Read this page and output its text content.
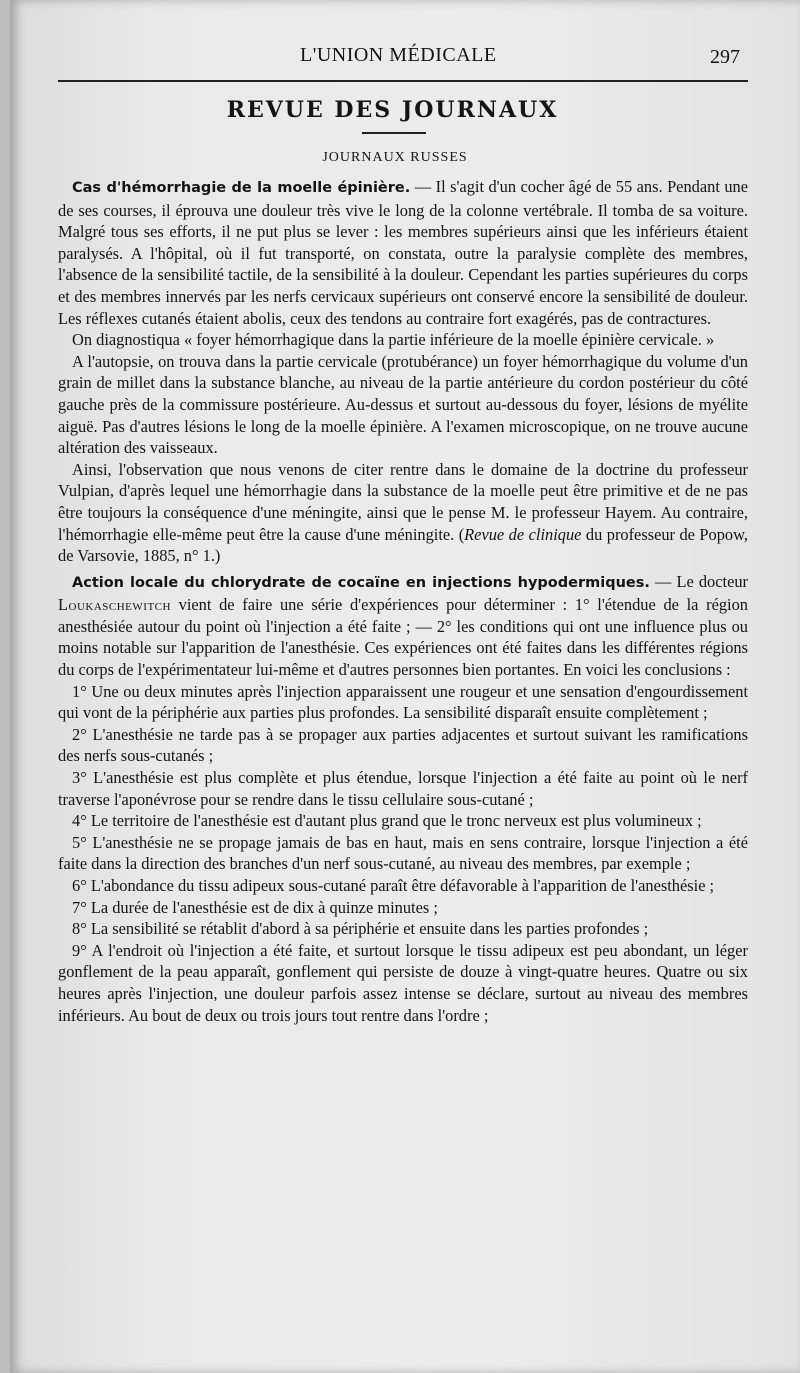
L'UNION MÉDICALE	297
REVUE DES JOURNAUX
JOURNAUX RUSSES

Cas d'hémorrhagie de la moelle épinière. — Il s'agit d'un cocher âgé de 55 ans. Pendant une de ses courses, il éprouva une douleur très vive le long de la colonne vertébrale. Il tomba de sa voiture. Malgré tous ses efforts, il ne put plus se lever : les membres supérieurs ainsi que les inférieurs étaient paralysés. A l'hôpital, où il fut transporté, on constata, outre la paralysie complète des membres, l'absence de la sensibilité tactile, de la sensibilité à la douleur. Cependant les parties supérieures du corps et des membres innervés par les nerfs cervicaux supérieurs ont conservé encore la sensibilité de douleur. Les réflexes cutanés étaient abolis, ceux des tendons au contraire fort exagérés, pas de contractures.

On diagnostiqua « foyer hémorrhagique dans la partie inférieure de la moelle épinière cervicale. »

A l'autopsie, on trouva dans la partie cervicale (protubérance) un foyer hémorrhagique du volume d'un grain de millet dans la substance blanche, au niveau de la partie antérieure du cordon postérieur du côté gauche près de la commissure postérieure. Au-dessus et surtout au-dessous du foyer, lésions de myélite aiguë. Pas d'autres lésions le long de la moelle épinière. A l'examen microscopique, on ne trouve aucune altération des vaisseaux.

Ainsi, l'observation que nous venons de citer rentre dans le domaine de la doctrine du professeur Vulpian, d'après lequel une hémorrhagie dans la substance de la moelle peut être primitive et de ne pas être toujours la conséquence d'une méningite, ainsi que le pense M. le professeur Hayem. Au contraire, l'hémorrhagie elle-même peut être la cause d'une méningite. (Revue de clinique du professeur de Popow, de Varsovie, 1885, n° 1.)

Action locale du chlorydrate de cocaïne en injections hypodermiques. — Le docteur Loukaschewitch vient de faire une série d'expériences pour déterminer : 1° l'étendue de la région anesthésiée autour du point où l'injection a été faite ; — 2° les conditions qui ont une influence plus ou moins notable sur l'apparition de l'anesthésie. Ces expériences ont été faites dans les différentes régions du corps de l'expérimentateur lui-même et d'autres personnes bien portantes. En voici les conclusions :

1° Une ou deux minutes après l'injection apparaissent une rougeur et une sensation d'engourdissement qui vont de la périphérie aux parties plus profondes. La sensibilité disparaît ensuite complètement ;

2° L'anesthésie ne tarde pas à se propager aux parties adjacentes et surtout suivant les ramifications des nerfs sous-cutanés ;

3° L'anesthésie est plus complète et plus étendue, lorsque l'injection a été faite au point où le nerf traverse l'aponévrose pour se rendre dans le tissu cellulaire sous-cutané ;

4° Le territoire de l'anesthésie est d'autant plus grand que le tronc nerveux est plus volumineux ;

5° L'anesthésie ne se propage jamais de bas en haut, mais en sens contraire, lorsque l'injection a été faite dans la direction des branches d'un nerf sous-cutané, au niveau des membres, par exemple ;

6° L'abondance du tissu adipeux sous-cutané paraît être défavorable à l'apparition de l'anesthésie ;

7° La durée de l'anesthésie est de dix à quinze minutes ;

8° La sensibilité se rétablit d'abord à sa périphérie et ensuite dans les parties profondes ;

9° A l'endroit où l'injection a été faite, et surtout lorsque le tissu adipeux est peu abondant, un léger gonflement de la peau apparaît, gonflement qui persiste de douze à vingt-quatre heures. Quatre ou six heures après l'injection, une douleur parfois assez intense se déclare, surtout au niveau des membres inférieurs. Au bout de deux ou trois jours tout rentre dans l'ordre ;
